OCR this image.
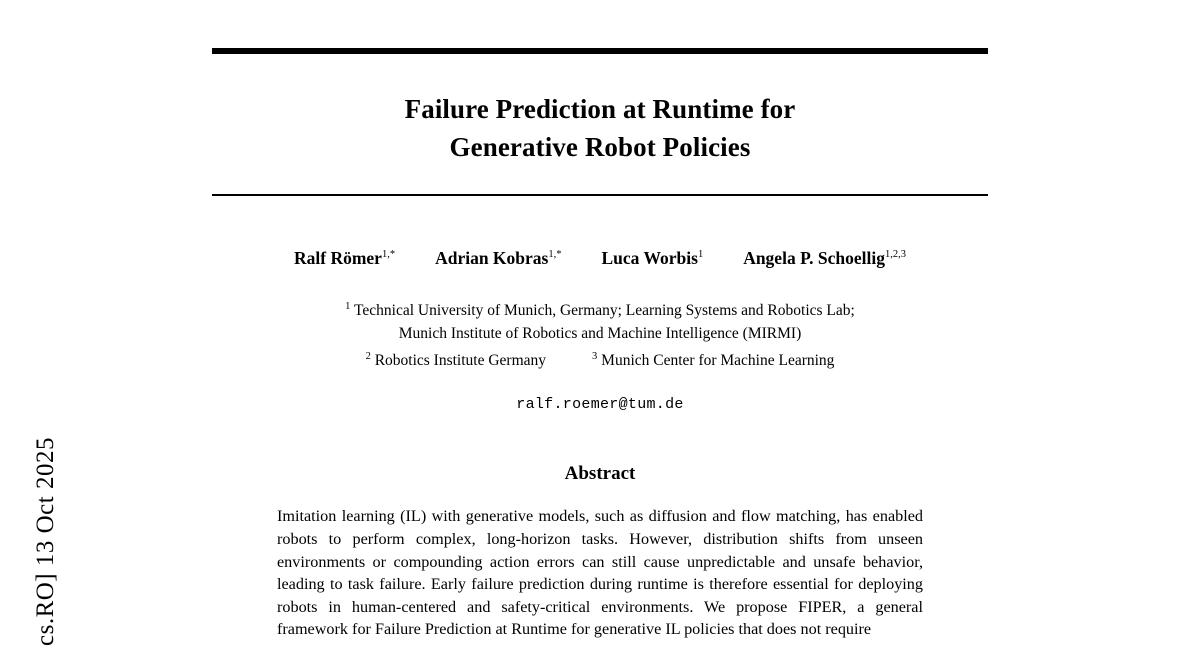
cs.RO] 13 Oct 2025
Failure Prediction at Runtime for
Generative Robot Policies
Ralf Römer$^{1,*}$ Adrian Kobras$^{1,*}$ Luca Worbis$^1$ Angela P. Schoellig$^{1,2,3}$
$^1$ Technical University of Munich, Germany; Learning Systems and Robotics Lab;
Munich Institute of Robotics and Machine Intelligence (MIRMI)
$^2$ Robotics Institute Germany	$^3$ Munich Center for Machine Learning
ralf.roemer@tum.de
Abstract

Imitation learning (IL) with generative models, such as diffusion and flow matching, has enabled robots to perform complex, long-horizon tasks. However, distribution shifts from unseen environments or compounding action errors can still cause unpredictable and unsafe behavior, leading to task failure. Early failure prediction during runtime is therefore essential for deploying robots in human-centered and safety-critical environments. We propose FIPER, a general framework for Failure Prediction at Runtime for generative IL policies that does not require
